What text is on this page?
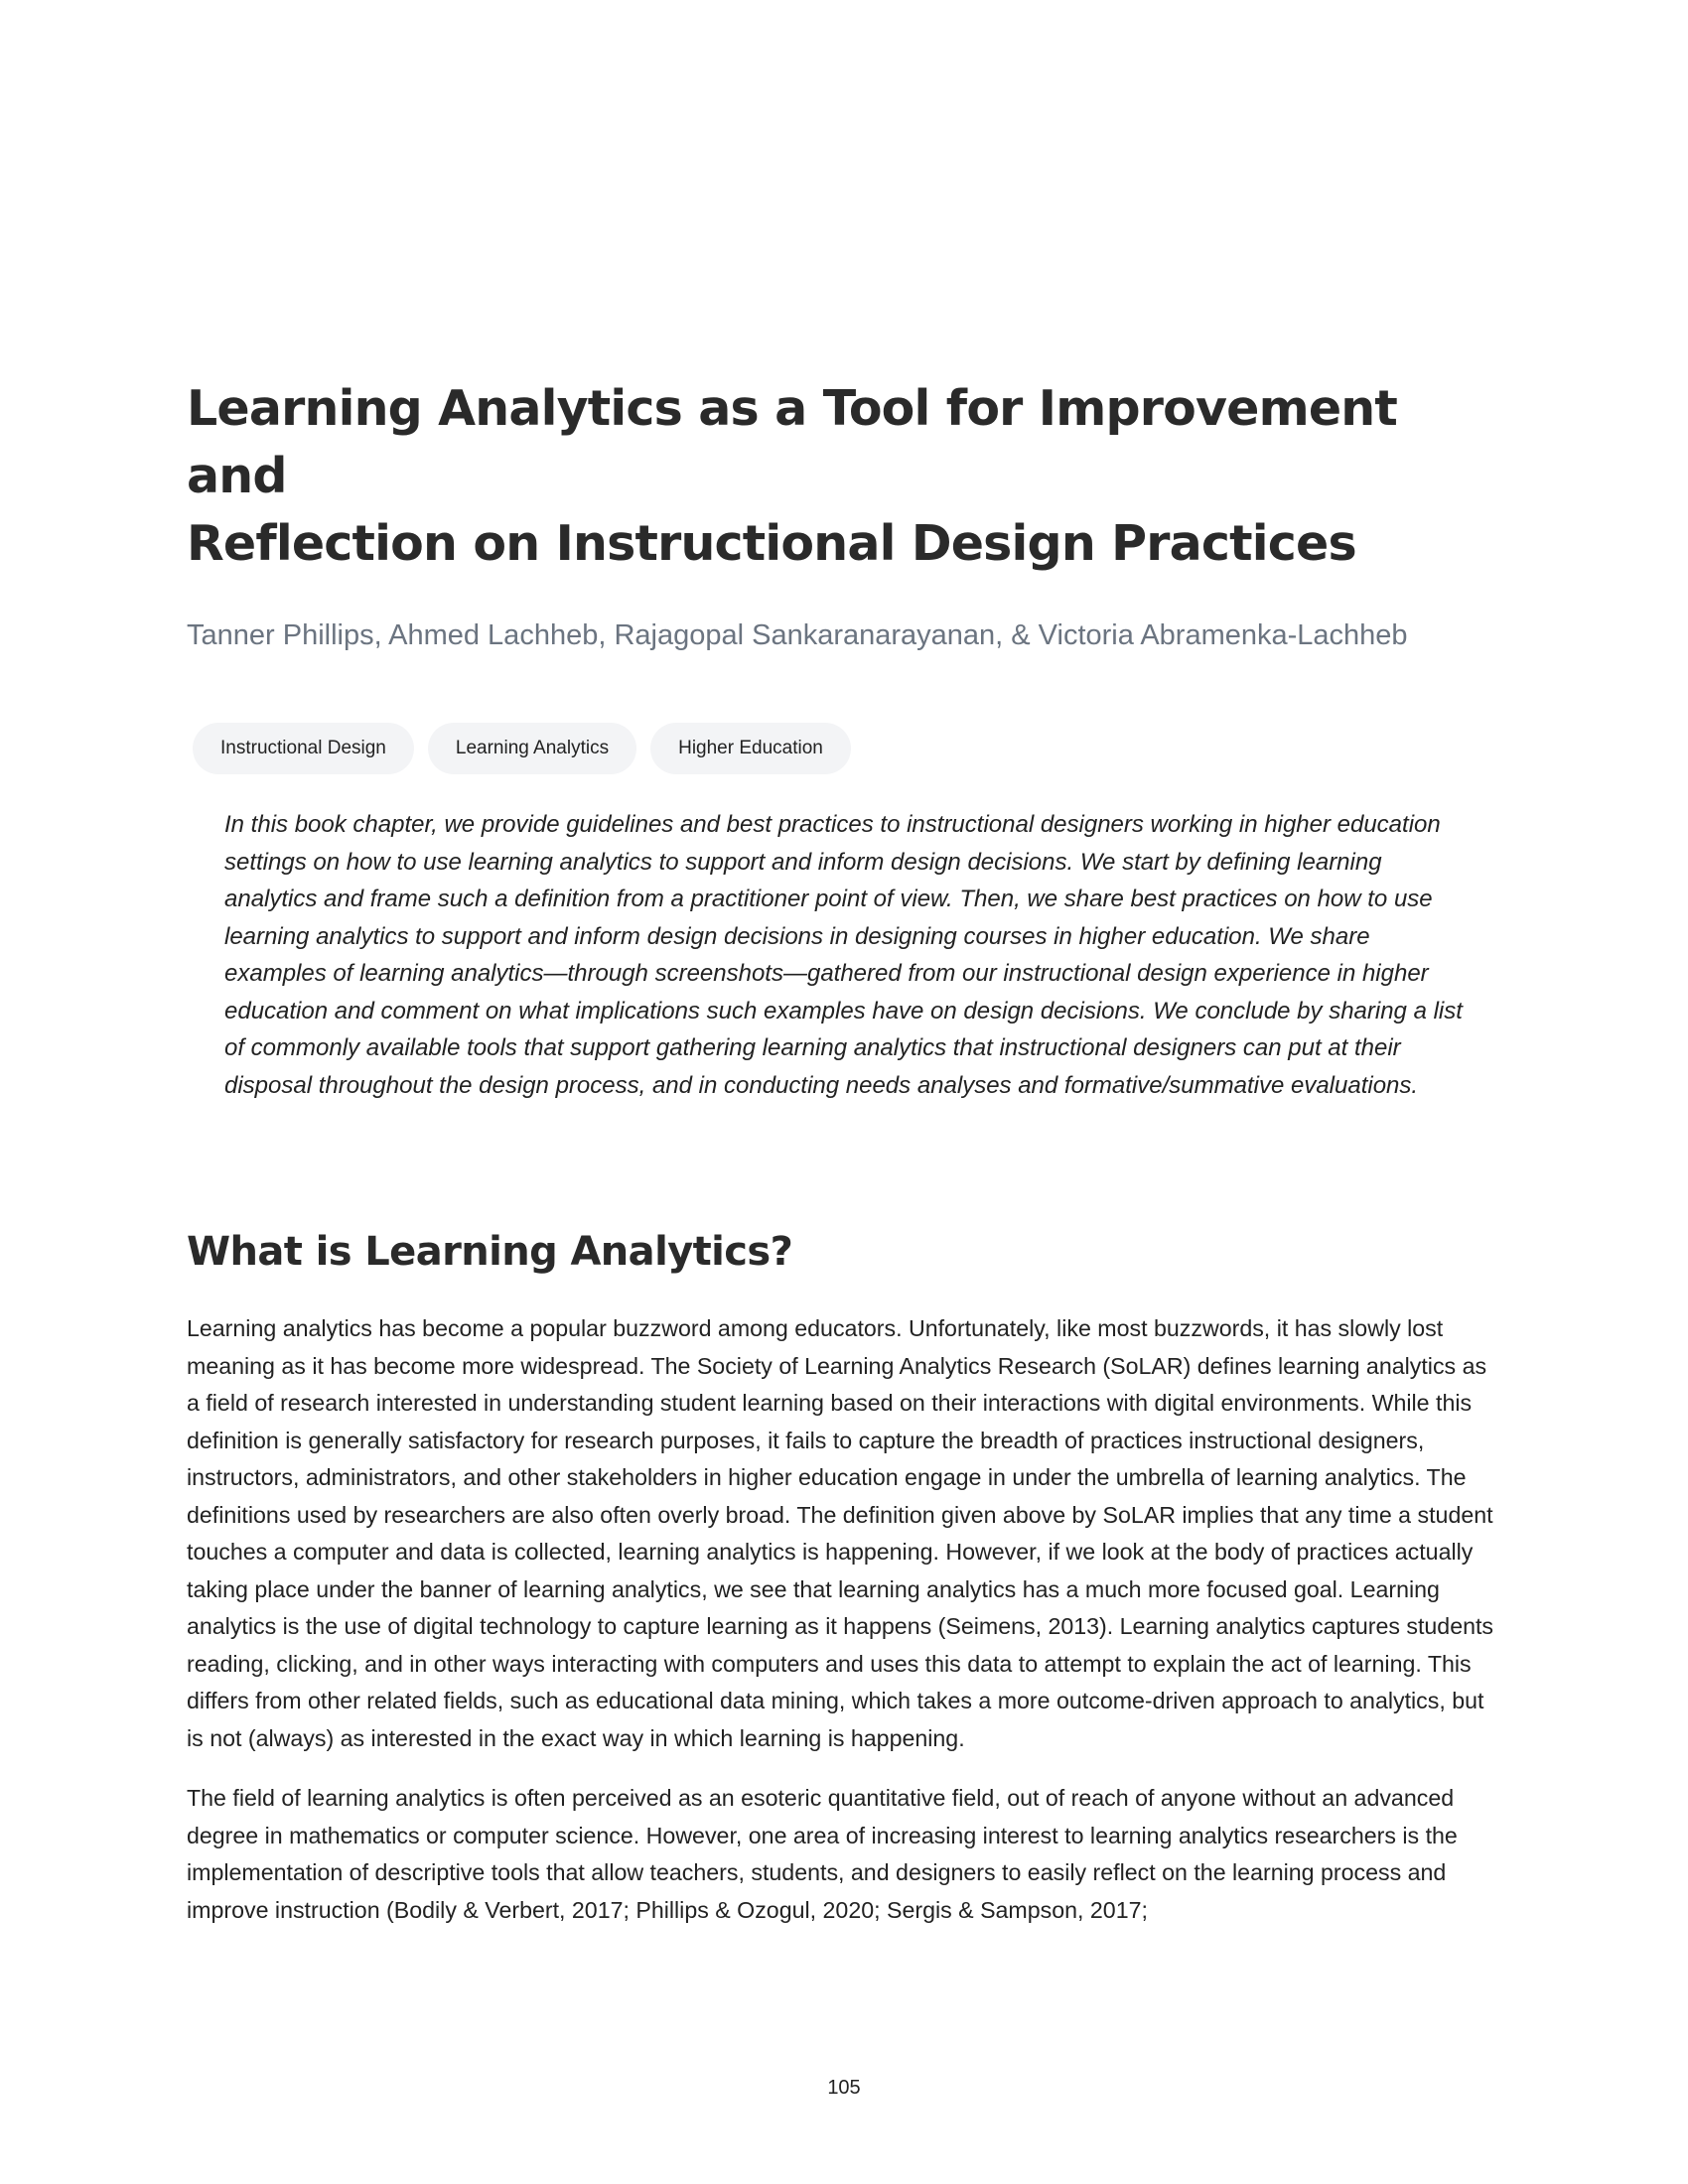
Learning Analytics as a Tool for Improvement and
Reflection on Instructional Design Practices
Tanner Phillips, Ahmed Lachheb, Rajagopal Sankaranarayanan, & Victoria Abramenka-Lachheb
Instructional Design	Learning Analytics	Higher Education
In this book chapter, we provide guidelines and best practices to instructional designers working in higher education settings on how to use learning analytics to support and inform design decisions. We start by defining learning analytics and frame such a definition from a practitioner point of view. Then, we share best practices on how to use learning analytics to support and inform design decisions in designing courses in higher education. We share examples of learning analytics—through screenshots—gathered from our instructional design experience in higher education and comment on what implications such examples have on design decisions. We conclude by sharing a list of commonly available tools that support gathering learning analytics that instructional designers can put at their disposal throughout the design process, and in conducting needs analyses and formative/summative evaluations.
What is Learning Analytics?

Learning analytics has become a popular buzzword among educators. Unfortunately, like most buzzwords, it has slowly lost meaning as it has become more widespread. The Society of Learning Analytics Research (SoLAR) defines learning analytics as a field of research interested in understanding student learning based on their interactions with digital environments. While this definition is generally satisfactory for research purposes, it fails to capture the breadth of practices instructional designers, instructors, administrators, and other stakeholders in higher education engage in under the umbrella of learning analytics. The definitions used by researchers are also often overly broad. The definition given above by SoLAR implies that any time a student touches a computer and data is collected, learning analytics is happening. However, if we look at the body of practices actually taking place under the banner of learning analytics, we see that learning analytics has a much more focused goal. Learning analytics is the use of digital technology to capture learning as it happens (Seimens, 2013). Learning analytics captures students reading, clicking, and in other ways interacting with computers and uses this data to attempt to explain the act of learning. This differs from other related fields, such as educational data mining, which takes a more outcome-driven approach to analytics, but is not (always) as interested in the exact way in which learning is happening.

The field of learning analytics is often perceived as an esoteric quantitative field, out of reach of anyone without an advanced degree in mathematics or computer science. However, one area of increasing interest to learning analytics researchers is the implementation of descriptive tools that allow teachers, students, and designers to easily reflect on the learning process and improve instruction (Bodily & Verbert, 2017; Phillips & Ozogul, 2020; Sergis & Sampson, 2017;

105
